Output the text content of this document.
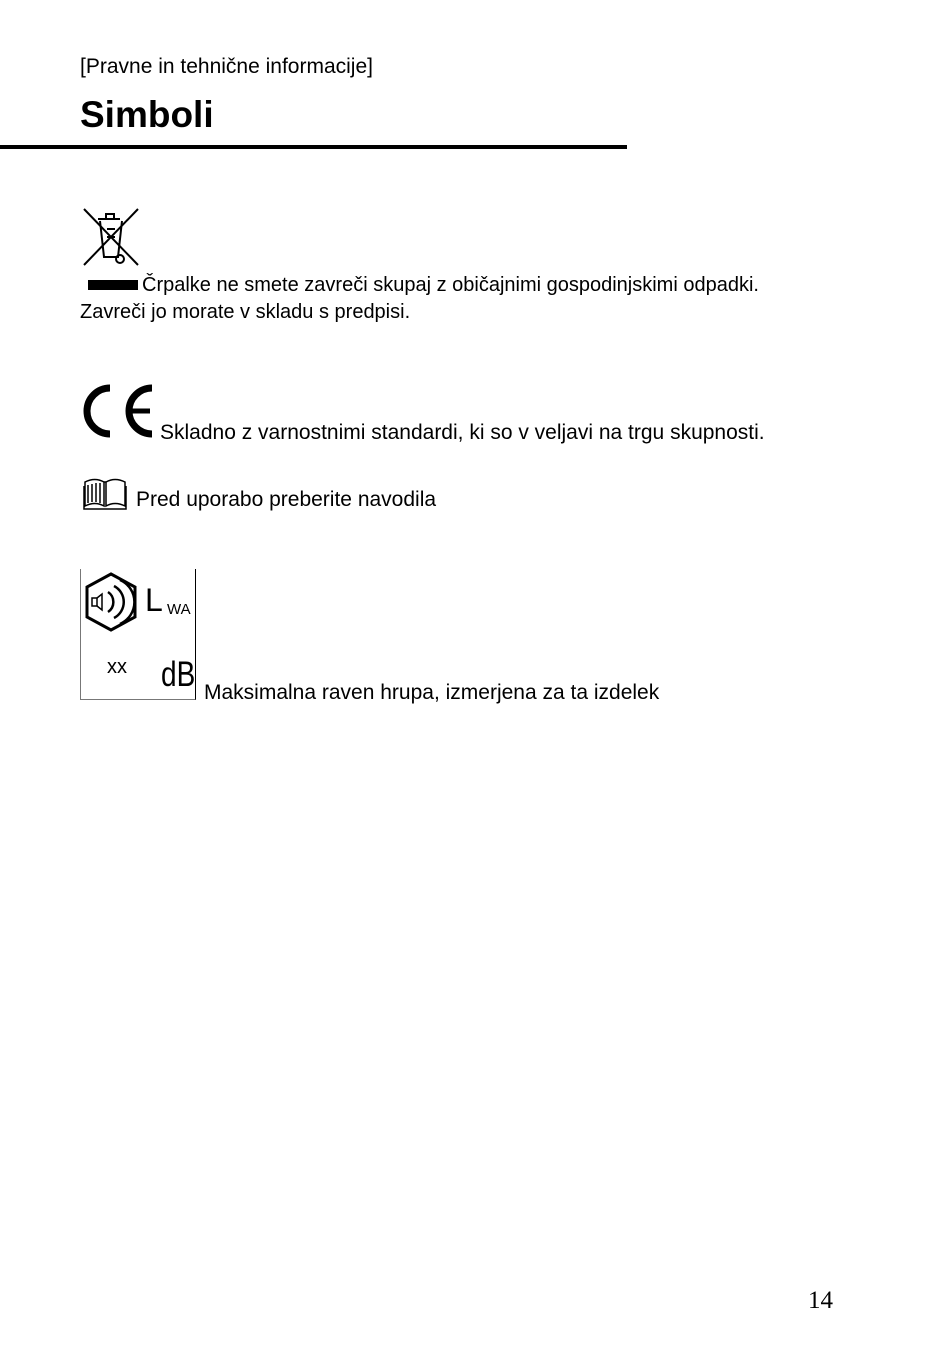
[Pravne in tehnične informacije]
Simboli
Črpalke ne smete zavreči skupaj z običajnimi gospodinjskimi odpadki. Zavreči jo morate v skladu s predpisi.
Skladno z varnostnimi standardi, ki so v veljavi na trgu skupnosti.
Pred uporabo preberite navodila
L WA
xx dB Maksimalna raven hrupa, izmerjena za ta izdelek
14
